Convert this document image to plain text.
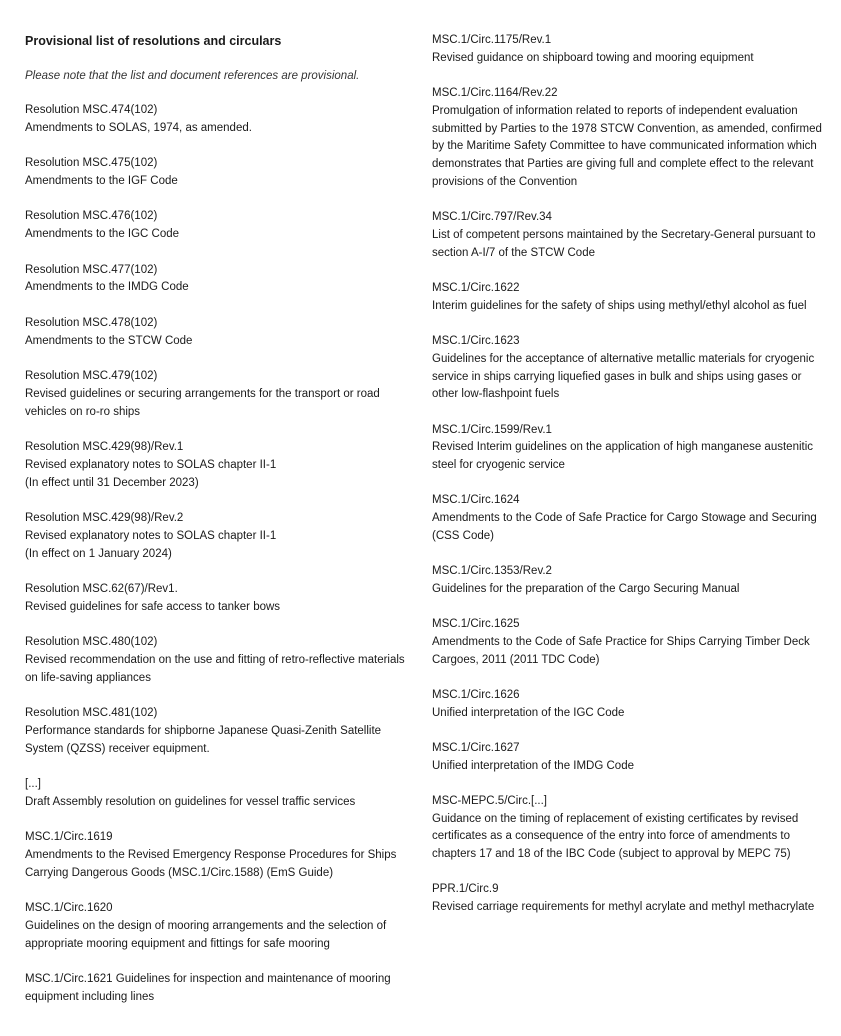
Provisional list of resolutions and circulars
Please note that the list and document references are provisional.
Resolution MSC.474(102)
Amendments to SOLAS, 1974, as amended.
Resolution MSC.475(102)
Amendments to the IGF Code
Resolution MSC.476(102)
Amendments to the IGC Code
Resolution MSC.477(102)
Amendments to the IMDG Code
Resolution MSC.478(102)
Amendments to the STCW Code
Resolution MSC.479(102)
Revised guidelines or securing arrangements for the transport or road vehicles on ro-ro ships
Resolution MSC.429(98)/Rev.1
Revised explanatory notes to SOLAS chapter II-1
(In effect until 31 December 2023)
Resolution MSC.429(98)/Rev.2
Revised explanatory notes to SOLAS chapter II-1
(In effect on 1 January 2024)
Resolution MSC.62(67)/Rev1.
Revised guidelines for safe access to tanker bows
Resolution MSC.480(102)
Revised recommendation on the use and fitting of retro-reflective materials on life-saving appliances
Resolution MSC.481(102)
Performance standards for shipborne Japanese Quasi-Zenith Satellite System (QZSS) receiver equipment.
[...]
Draft Assembly resolution on guidelines for vessel traffic services
MSC.1/Circ.1619
Amendments to the Revised Emergency Response Procedures for Ships Carrying Dangerous Goods (MSC.1/Circ.1588) (EmS Guide)
MSC.1/Circ.1620
Guidelines on the design of mooring arrangements and the selection of appropriate mooring equipment and fittings for safe mooring
MSC.1/Circ.1621 Guidelines for inspection and maintenance of mooring equipment including lines
MSC.1/Circ.1175/Rev.1
Revised guidance on shipboard towing and mooring equipment
MSC.1/Circ.1164/Rev.22
Promulgation of information related to reports of independent evaluation submitted by Parties to the 1978 STCW Convention, as amended, confirmed by the Maritime Safety Committee to have communicated information which demonstrates that Parties are giving full and complete effect to the relevant provisions of the Convention
MSC.1/Circ.797/Rev.34
List of competent persons maintained by the Secretary-General pursuant to section A-I/7 of the STCW Code
MSC.1/Circ.1622
Interim guidelines for the safety of ships using methyl/ethyl alcohol as fuel
MSC.1/Circ.1623
Guidelines for the acceptance of alternative metallic materials for cryogenic service in ships carrying liquefied gases in bulk and ships using gases or other low-flashpoint fuels
MSC.1/Circ.1599/Rev.1
Revised Interim guidelines on the application of high manganese austenitic steel for cryogenic service
MSC.1/Circ.1624
Amendments to the Code of Safe Practice for Cargo Stowage and Securing (CSS Code)
MSC.1/Circ.1353/Rev.2
Guidelines for the preparation of the Cargo Securing Manual
MSC.1/Circ.1625
Amendments to the Code of Safe Practice for Ships Carrying Timber Deck Cargoes, 2011 (2011 TDC Code)
MSC.1/Circ.1626
Unified interpretation of the IGC Code
MSC.1/Circ.1627
Unified interpretation of the IMDG Code
MSC-MEPC.5/Circ.[...]
Guidance on the timing of replacement of existing certificates by revised certificates as a consequence of the entry into force of amendments to chapters 17 and 18 of the IBC Code (subject to approval by MEPC 75)
PPR.1/Circ.9
Revised carriage requirements for methyl acrylate and methyl methacrylate
